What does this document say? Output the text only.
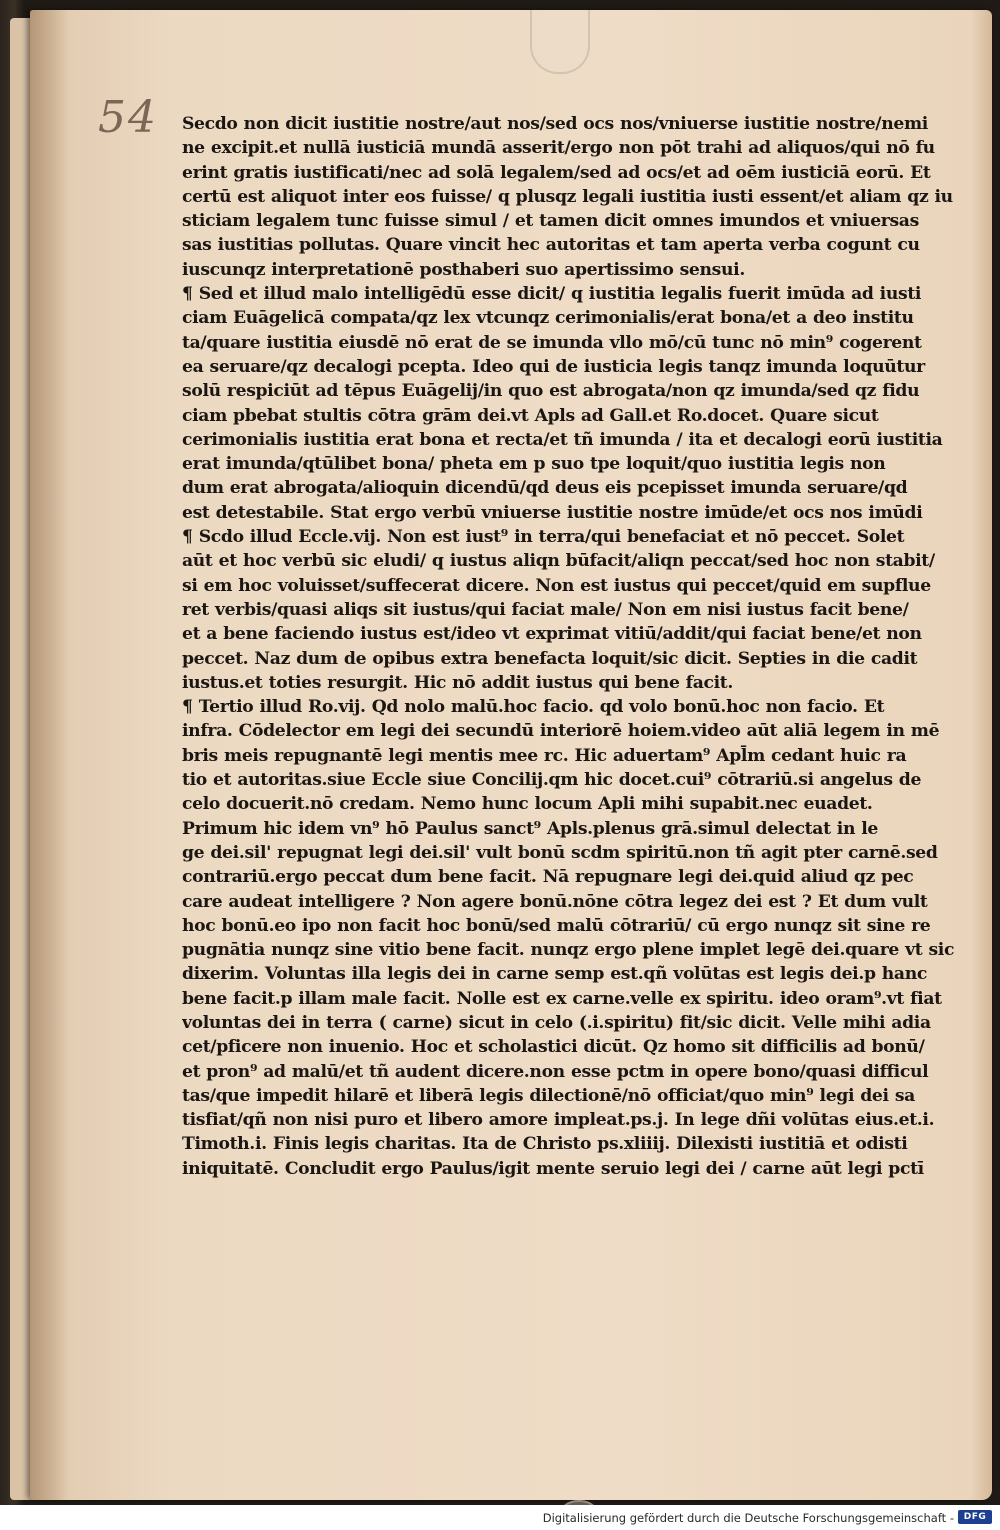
54 Secdo non dicit iustitie nostre/aut nos/sed ocs nos/vniuerse iustitie nostre/nemi
ne excipit.et nullā iusticiā mundā asserit/ergo non pōt trahi ad aliquos/qui nō fu
erint gratis iustificati/nec ad solā legalem/sed ad ocs/et ad oēm iusticiā eorū. Et
certū est aliquot inter eos fuisse/ q plusqz legali iustitia iusti essent/et aliam qz iu
sticiam legalem tunc fuisse simul / et tamen dicit omnes imundos et vniuersas
sas iustitias pollutas. Quare vincit hec autoritas et tam aperta verba cogunt cu
iuscunqz interpretationē posthaberi suo apertissimo sensui.
¶ Sed et illud malo intelligēdū esse dicit/ q iustitia legalis fuerit imūda ad iusti
ciam Euāgelicā compata/qz lex vtcunqz cerimonialis/erat bona/et a deo institu
ta/quare iustitia eiusdē nō erat de se imunda vllo mō/cū tunc nō min⁹ cogerent
ea seruare/qz decalogi pcepta. Ideo qui de iusticia legis tanqz imunda loquūtur
solū respiciūt ad tēpus Euāgelij/in quo est abrogata/non qz imunda/sed qz fidu
ciam pbebat stultis cōtra grām dei.vt Apls ad Gall.et Ro.docet. Quare sicut
cerimonialis iustitia erat bona et recta/et tñ imunda / ita et decalogi eorū iustitia
erat imunda/qtūlibet bona/ pheta em p suo tpe loquit/quo iustitia legis non
dum erat abrogata/alioquin dicendū/qd deus eis pcepisset imunda seruare/qd
est detestabile. Stat ergo verbū vniuerse iustitie nostre imūde/et ocs nos imūdi
¶ Scdo illud Eccle.vij. Non est iust⁹ in terra/qui benefaciat et nō peccet. Solet
aūt et hoc verbū sic eludi/ q iustus aliqn būfacit/aliqn peccat/sed hoc non stabit/
si em hoc voluisset/suffecerat dicere. Non est iustus qui peccet/quid em supflue
ret verbis/quasi aliqs sit iustus/qui faciat male/ Non em nisi iustus facit bene/
et a bene faciendo iustus est/ideo vt exprimat vitiū/addit/qui faciat bene/et non
peccet. Naz dum de opibus extra benefacta loquit/sic dicit. Septies in die cadit
iustus.et toties resurgit. Hic nō addit iustus qui bene facit.
¶ Tertio illud Ro.vij. Qd nolo malū.hoc facio. qd volo bonū.hoc non facio. Et
infra. Cōdelector em legi dei secundū interiorē hoiem.video aūt aliā legem in mē
bris meis repugnantē legi mentis mee rc. Hic aduertam⁹ Apl̄m cedant huic ra
tio et autoritas.siue Eccle siue Concilij.qm hic docet.cui⁹ cōtrariū.si angelus de
celo docuerit.nō credam. Nemo hunc locum Apli mihi supabit.nec euadet.
Primum hic idem vn⁹ hō Paulus sanct⁹ Apls.plenus grā.simul delectat in le
ge dei.sil' repugnat legi dei.sil' vult bonū scdm spiritū.non tñ agit pter carnē.sed
contrariū.ergo peccat dum bene facit. Nā repugnare legi dei.quid aliud qz pec
care audeat intelligere ? Non agere bonū.nōne cōtra legez dei est ? Et dum vult
hoc bonū.eo ipo non facit hoc bonū/sed malū cōtrariū/ cū ergo nunqz sit sine re
pugnātia nunqz sine vitio bene facit. nunqz ergo plene implet legē dei.quare vt sic
dixerim. Voluntas illa legis dei in carne semp est.qñ volūtas est legis dei.p hanc
bene facit.p illam male facit. Nolle est ex carne.velle ex spiritu. ideo oram⁹.vt fiat
voluntas dei in terra ( carne) sicut in celo (.i.spiritu) fit/sic dicit. Velle mihi adia
cet/pficere non inuenio. Hoc et scholastici dicūt. Qz homo sit difficilis ad bonū/
et pron⁹ ad malū/et tñ audent dicere.non esse pctm in opere bono/quasi difficul
tas/que impedit hilarē et liberā legis dilectionē/nō officiat/quo min⁹ legi dei sa
tisfiat/qñ non nisi puro et libero amore impleat.ps.j. In lege dñi volūtas eius.et.i.
Timoth.i. Finis legis charitas. Ita de Christo ps.xliiij. Dilexisti iustitiā et odisti
iniquitatē. Concludit ergo Paulus/igit mente seruio legi dei / carne aūt legi pctī
Digitalisierung gefördert durch die Deutsche Forschungsgemeinschaft -	DFG
